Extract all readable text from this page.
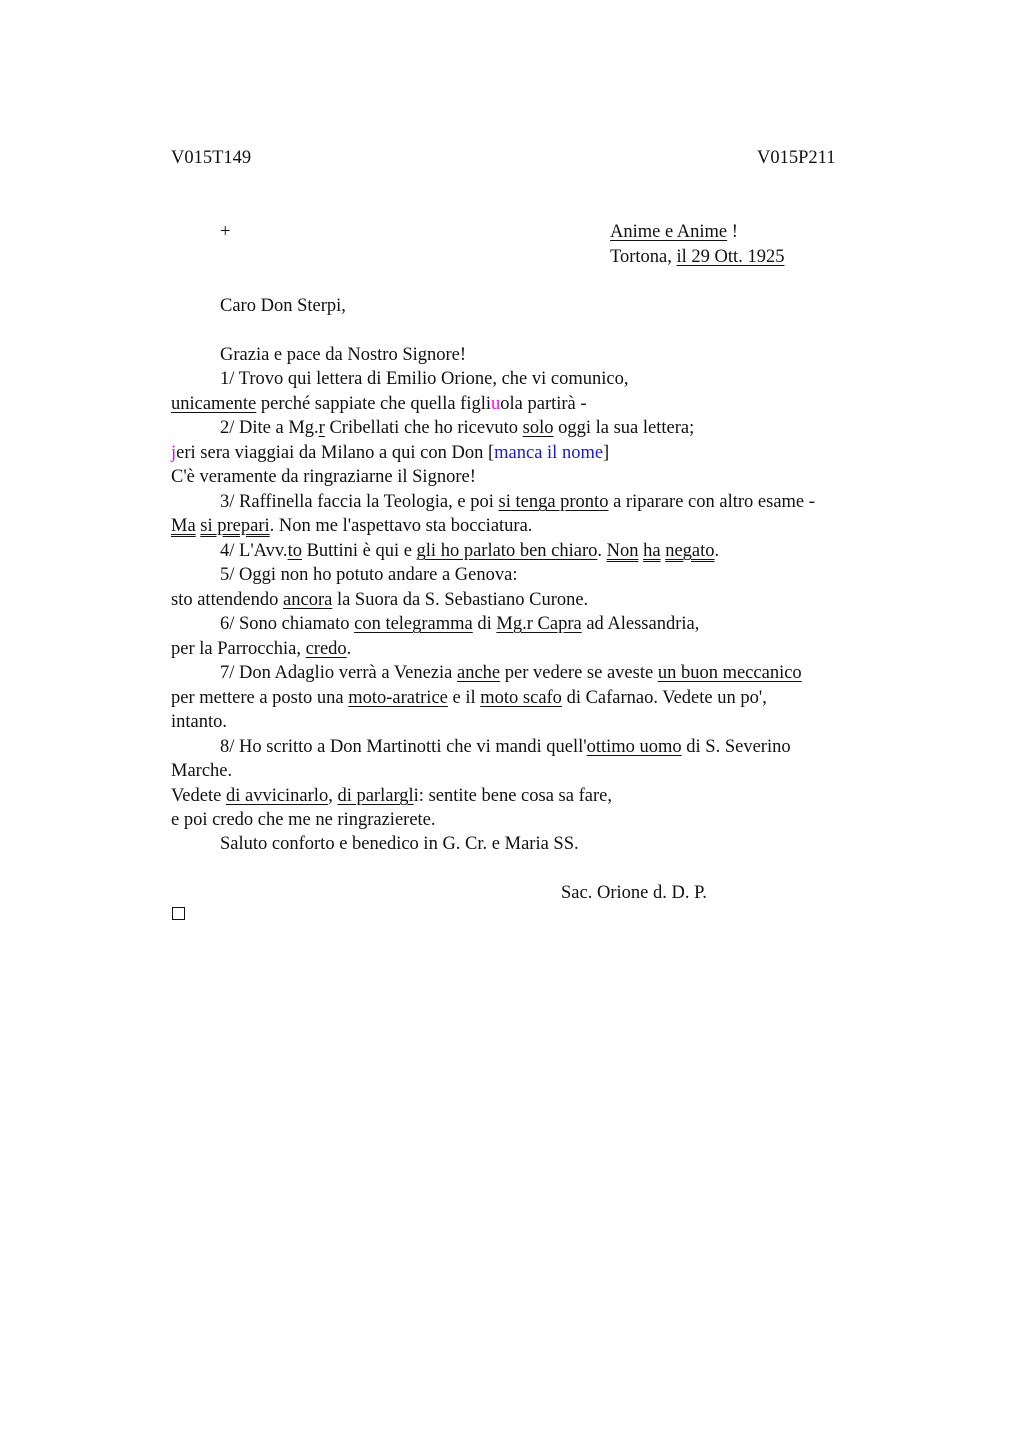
V015T149	V015P211
+	Anime e Anime !
Tortona, il 29 Ott. 1925
Caro Don Sterpi,
Grazia e pace da Nostro Signore!
1/ Trovo qui lettera di Emilio Orione, che vi comunico,
unicamente perché sappiate che quella figliuola partirà -
2/ Dite a Mg.r Cribellati che ho ricevuto solo oggi la sua lettera;
jeri sera viaggiai da Milano a qui con Don [manca il nome]
C'è veramente da ringraziarne il Signore!
3/ Raffinella faccia la Teologia, e poi si tenga pronto a riparare con altro esame -
Ma si prepari. Non me l'aspettavo sta bocciatura.
4/ L'Avv.to Buttini è qui e gli ho parlato ben chiaro. Non ha negato.
5/ Oggi non ho potuto andare a Genova:
sto attendendo ancora la Suora da S. Sebastiano Curone.
6/ Sono chiamato con telegramma di Mg.r Capra ad Alessandria,
per la Parrocchia, credo.
7/ Don Adaglio verrà a Venezia anche per vedere se aveste un buon meccanico
per mettere a posto una moto-aratrice e il moto scafo di Cafarnao. Vedete un po',
intanto.
8/ Ho scritto a Don Martinotti che vi mandi quell'ottimo uomo di S. Severino
Marche.
Vedete di avvicinarlo, di parlargli: sentite bene cosa sa fare,
e poi credo che me ne ringrazierete.
Saluto conforto e benedico in G. Cr. e Maria SS.
Sac. Orione d. D. P.
